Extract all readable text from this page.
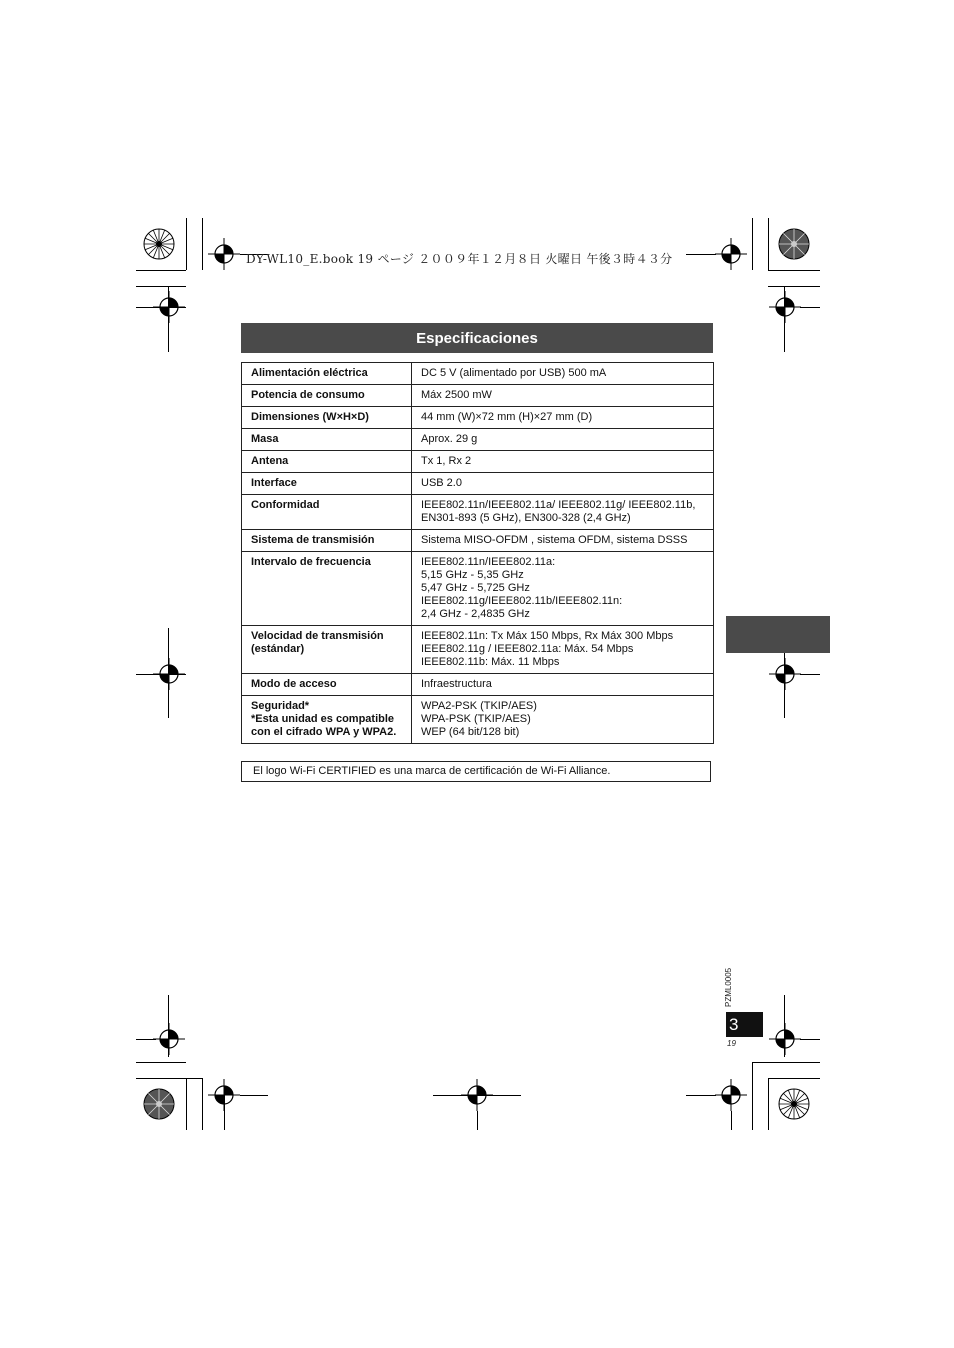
DY-WL10_E.book 19 ページ ２００９年１２月８日 火曜日 午後３時４３分
Especificaciones
Alimentación eléctrica	DC 5 V (alimentado por USB) 500 mA
Potencia de consumo	Máx 2500 mW
Dimensiones (W×H×D)	44 mm (W)×72 mm (H)×27 mm (D)
Masa	Aprox. 29 g
Antena	Tx 1, Rx 2
Interface	USB 2.0
Conformidad	IEEE802.11n/IEEE802.11a/ IEEE802.11g/ IEEE802.11b,
EN301-893 (5 GHz), EN300-328 (2,4 GHz)
Sistema de transmisión	Sistema MISO-OFDM , sistema OFDM, sistema DSSS
Intervalo de frecuencia	IEEE802.11n/IEEE802.11a:
5,15 GHz - 5,35 GHz
5,47 GHz - 5,725 GHz
IEEE802.11g/IEEE802.11b/IEEE802.11n:
2,4 GHz - 2,4835 GHz
Velocidad de transmisión
(estándar)	IEEE802.11n: Tx Máx 150 Mbps, Rx Máx 300 Mbps
IEEE802.11g / IEEE802.11a: Máx. 54 Mbps
IEEE802.11b: Máx. 11 Mbps
Modo de acceso	Infraestructura
Seguridad*
*Esta unidad es compatible
con el cifrado WPA y WPA2.	WPA2-PSK (TKIP/AES)
WPA-PSK (TKIP/AES)
WEP (64 bit/128 bit)
El logo Wi-Fi CERTIFIED es una marca de certificación de Wi-Fi Alliance.
PZML0005
3
19
